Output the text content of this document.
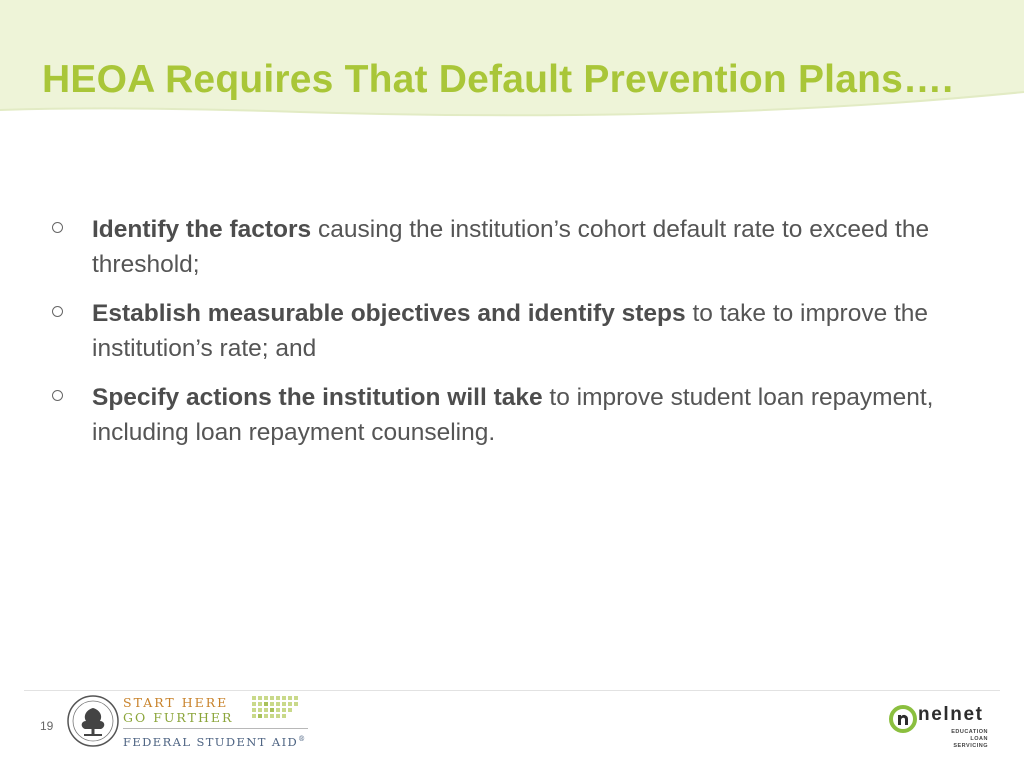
HEOA Requires That Default Prevention Plans….
Identify the factors causing the institution’s cohort default rate to exceed the threshold;
Establish measurable objectives and identify steps to take to improve the institution’s rate; and
Specify actions the institution will take to improve student loan repayment, including loan repayment counseling.
19
START HERE
GO FURTHER
FEDERAL STUDENT AID®
nelnet
EDUCATION LOAN
SERVICING
